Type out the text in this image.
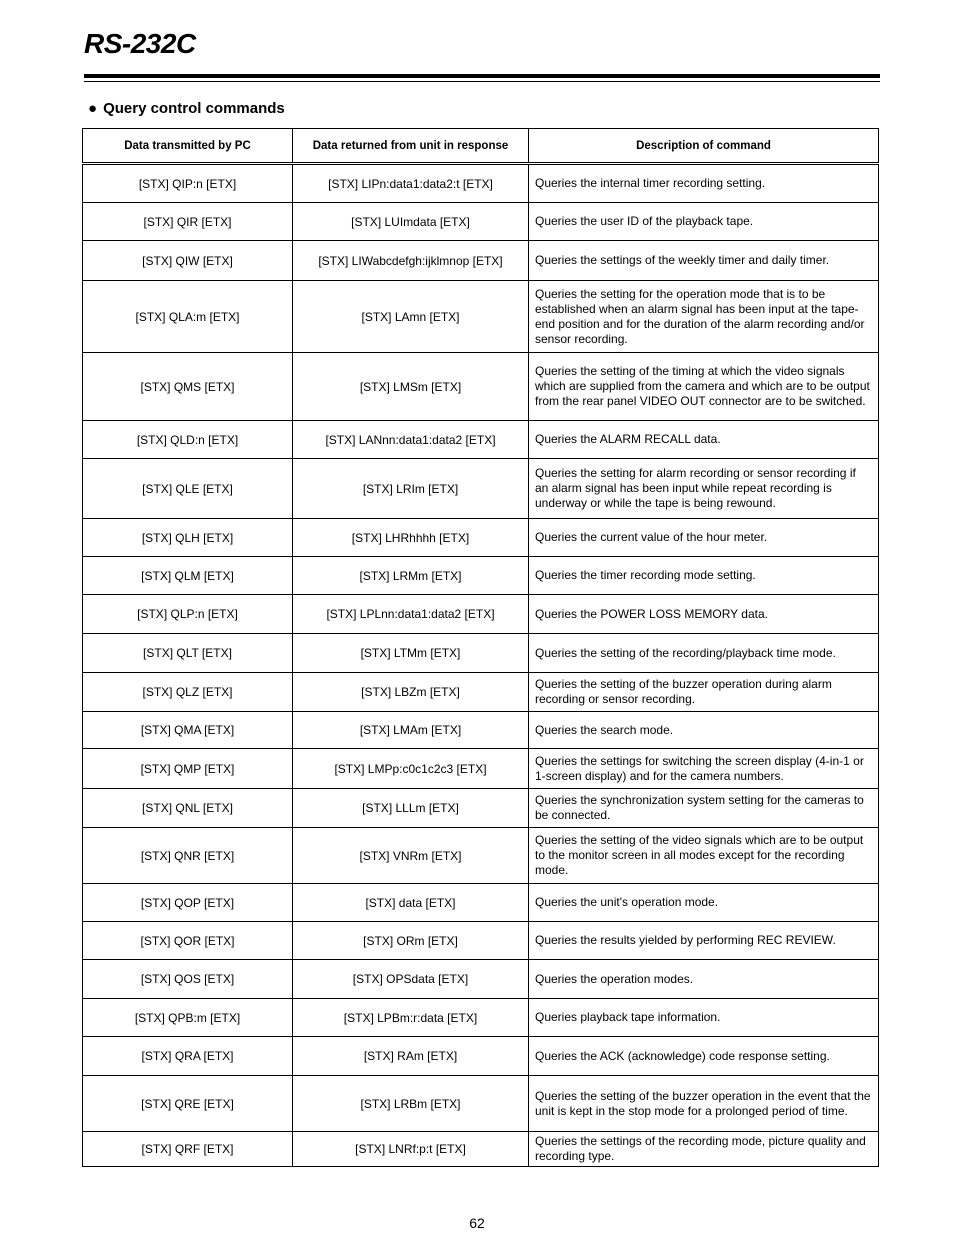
RS-232C
● Query control commands
Data transmitted by PC	Data returned from unit in response	Description of command
[STX] QIP:n [ETX]	[STX] LIPn:data1:data2:t [ETX]	Queries the internal timer recording setting.
[STX] QIR [ETX]	[STX] LUImdata [ETX]	Queries the user ID of the playback tape.
[STX] QIW [ETX]	[STX] LIWabcdefgh:ijklmnop [ETX]	Queries the settings of the weekly timer and daily timer.
[STX] QLA:m [ETX]	[STX] LAmn [ETX]	Queries the setting for the operation mode that is to be established when an alarm signal has been input at the tape-end position and for the duration of the alarm recording and/or sensor recording.
[STX] QMS [ETX]	[STX] LMSm [ETX]	Queries the setting of the timing at which the video signals which are supplied from the camera and which are to be output from the rear panel VIDEO OUT connector are to be switched.
[STX] QLD:n [ETX]	[STX] LANnn:data1:data2 [ETX]	Queries the ALARM RECALL data.
[STX] QLE [ETX]	[STX] LRIm [ETX]	Queries the setting for alarm recording or sensor recording if an alarm signal has been input while repeat recording is underway or while the tape is being rewound.
[STX] QLH [ETX]	[STX] LHRhhhh [ETX]	Queries the current value of the hour meter.
[STX] QLM [ETX]	[STX] LRMm [ETX]	Queries the timer recording mode setting.
[STX] QLP:n [ETX]	[STX] LPLnn:data1:data2 [ETX]	Queries the POWER LOSS MEMORY data.
[STX] QLT [ETX]	[STX] LTMm [ETX]	Queries the setting of the recording/playback time mode.
[STX] QLZ [ETX]	[STX] LBZm [ETX]	Queries the setting of the buzzer operation during alarm recording or sensor recording.
[STX] QMA [ETX]	[STX] LMAm [ETX]	Queries the search mode.
[STX] QMP [ETX]	[STX] LMPp:c0c1c2c3 [ETX]	Queries the settings for switching the screen display (4-in-1 or 1-screen display) and for the camera numbers.
[STX] QNL [ETX]	[STX] LLLm [ETX]	Queries the synchronization system setting for the cameras to be connected.
[STX] QNR [ETX]	[STX] VNRm [ETX]	Queries the setting of the video signals which are to be output to the monitor screen in all modes except for the recording mode.
[STX] QOP [ETX]	[STX] data [ETX]	Queries the unit's operation mode.
[STX] QOR [ETX]	[STX] ORm [ETX]	Queries the results yielded by performing REC REVIEW.
[STX] QOS [ETX]	[STX] OPSdata [ETX]	Queries the operation modes.
[STX] QPB:m [ETX]	[STX] LPBm:r:data [ETX]	Queries playback tape information.
[STX] QRA [ETX]	[STX] RAm [ETX]	Queries the ACK (acknowledge) code response setting.
[STX] QRE [ETX]	[STX] LRBm [ETX]	Queries the setting of the buzzer operation in the event that the unit is kept in the stop mode for a prolonged period of time.
[STX] QRF [ETX]	[STX] LNRf:p:t [ETX]	Queries the settings of the recording mode, picture quality and recording type.
62
